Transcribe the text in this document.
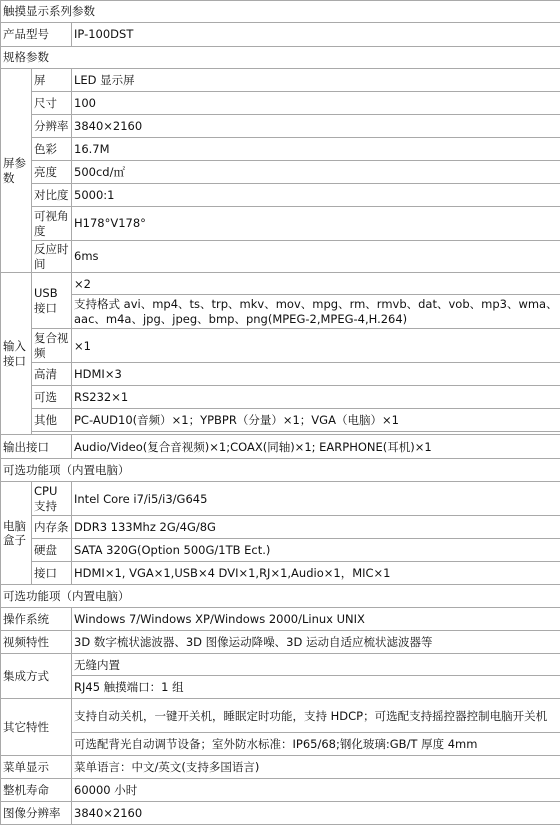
触摸显示系列参数		
产品型号		IP-100DST
规格参数		
屏参数	屏	LED 显示屏
	尺寸	100
	分辨率	3840×2160
	色彩	16.7M
	亮度	500cd/㎡
	对比度	5000:1
	可视角度	H178°V178°
	反应时间	6ms
输入接口	USB 接口	×2
		支持格式 avi、mp4、ts、trp、mkv、mov、mpg、rm、rmvb、dat、vob、mp3、wma、aac、m4a、jpg、jpeg、bmp、png(MPEG-2,MPEG-4,H.264)
	复合视频	×1
	高清	HDMI×3
	可选	RS232×1
	其他	PC-AUD10(音频）×1；YPBPR（分量）×1；VGA（电脑）×1

输出接口		Audio/Video(复合音视频)×1;COAX(同轴)×1; EARPHONE(耳机)×1
可选功能项（内置电脑）		
电脑盒子	CPU 支持	Intel Core i7/i5/i3/G645
	内存条	DDR3 133Mhz 2G/4G/8G
	硬盘	SATA 320G(Option 500G/1TB Ect.)
	接口	HDMI×1, VGA×1,USB×4 DVI×1,RJ×1,Audio×1，MIC×1
可选功能项（内置电脑）		
操作系统		Windows 7/Windows XP/Windows 2000/Linux UNIX
视频特性		3D 数字梳状滤波器、3D 图像运动降噪、3D 运动自适应梳状滤波器等
集成方式		无缝内置
		RJ45 触摸端口：1 组
其它特性		支持自动关机，一键开关机，睡眠定时功能，支持 HDCP；可选配支持摇控器控制电脑开关机
		可选配背光自动调节设备；室外防水标准：IP65/68;钢化玻璃:GB/T 厚度 4mm
菜单显示		菜单语言：中文/英文(支持多国语言)
整机寿命		60000 小时
图像分辨率		3840×2160
